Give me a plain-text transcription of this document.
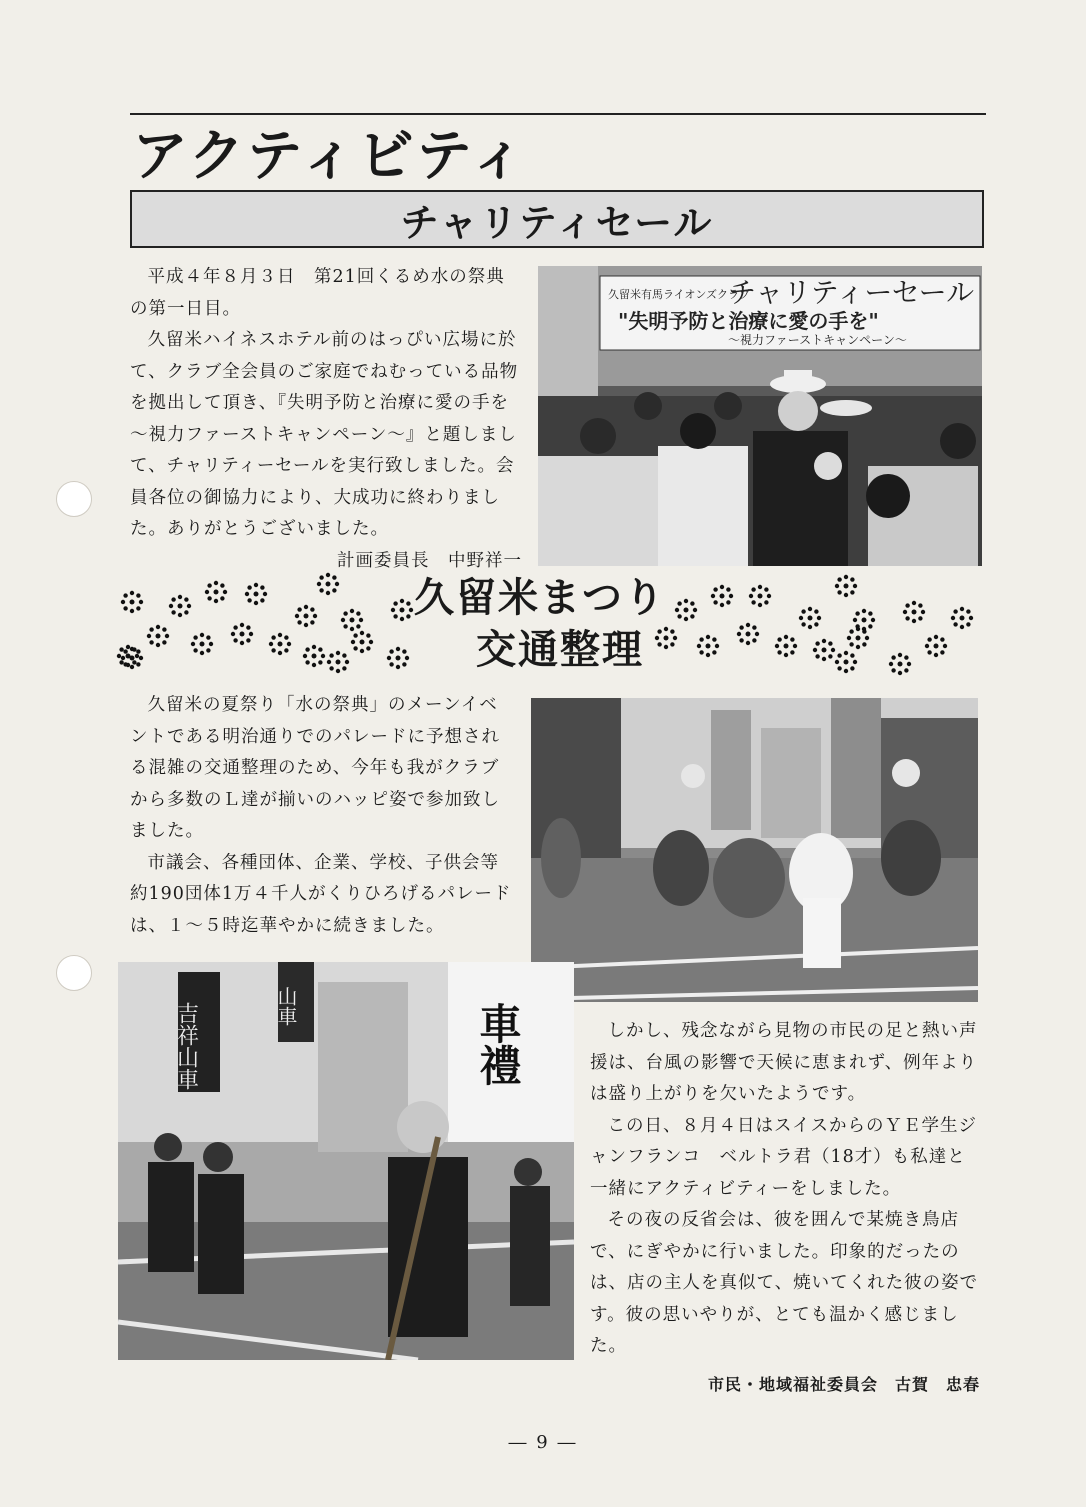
アクティビティ
チャリティセール

平成４年８月３日　第21回くるめ水の祭典の第一日目。

久留米ハイネスホテル前のはっぴい広場に於て、クラブ全会員のご家庭でねむっている品物を拠出して頂き、『失明予防と治療に愛の手を～視力ファーストキャンペーン～』と題しまして、チャリティーセールを実行致しました。会員各位の御協力により、大成功に終わりました。ありがとうございました。

計画委員長　中野祥一
久留米有馬ライオンズクラブ
チャリティーセール
"失明予防と治療に愛の手を"
～視力ファーストキャンペーン～
久留米まつり
交通整理

久留米の夏祭り「水の祭典」のメーンイベントである明治通りでのパレードに予想される混雑の交通整理のため、今年も我がクラブから多数のＬ達が揃いのハッピ姿で参加致しました。

市議会、各種団体、企業、学校、子供会等約190団体1万４千人がくりひろげるパレードは、１～５時迄華やかに続きました。

吉祥山車	山車	車禮	しかし、残念ながら見物の市民の足と熱い声援は、台風の影響で天候に恵まれず、例年よりは盛り上がりを欠いたようです。

この日、８月４日はスイスからのＹＥ学生ジャンフランコ　ベルトラ君（18才）も私達と一緒にアクティビティーをしました。

その夜の反省会は、彼を囲んで某焼き鳥店で、にぎやかに行いました。印象的だったのは、店の主人を真似て、焼いてくれた彼の姿です。彼の思いやりが、とても温かく感じました。

市民・地域福祉委員会　古賀　忠春
― 9 ―
